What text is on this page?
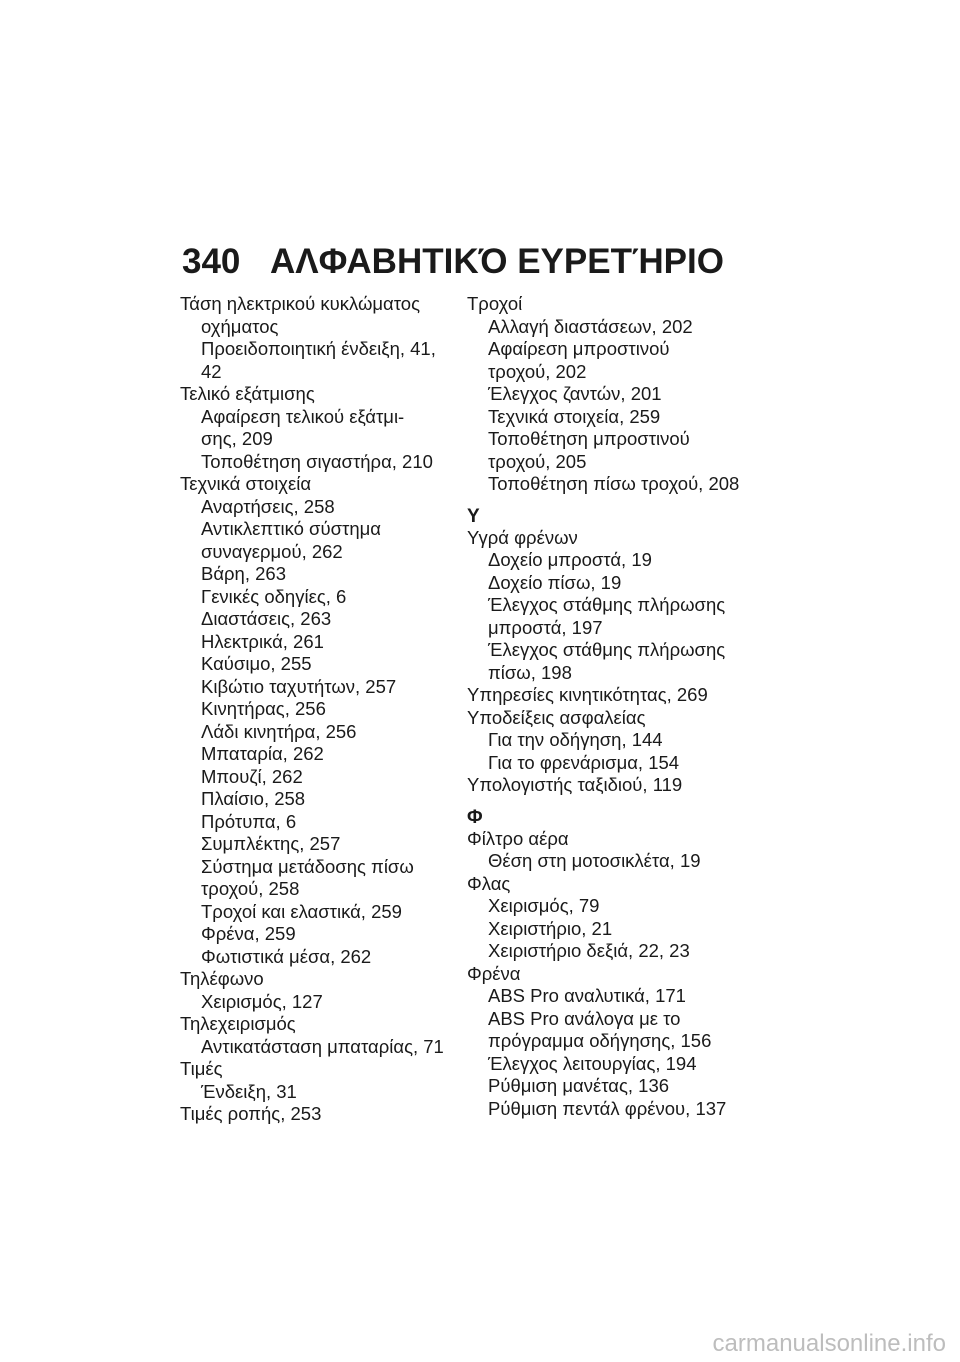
340 ΑΛΦΑΒΗΤΙΚΌ ΕΥΡΕΤΉΡΙΟ
Τάση ηλεκτρικού κυκλώματος
οχήματος
Προειδοποιητική ένδειξη, 41,
42
Τελικό εξάτμισης
Αφαίρεση τελικού εξάτμι-
σης, 209
Τοποθέτηση σιγαστήρα, 210
Τεχνικά στοιχεία
Αναρτήσεις, 258
Αντικλεπτικό σύστημα
συναγερμού, 262
Βάρη, 263
Γενικές οδηγίες, 6
Διαστάσεις, 263
Ηλεκτρικά, 261
Καύσιμο, 255
Κιβώτιο ταχυτήτων, 257
Κινητήρας, 256
Λάδι κινητήρα, 256
Μπαταρία, 262
Μπουζί, 262
Πλαίσιο, 258
Πρότυπα, 6
Συμπλέκτης, 257
Σύστημα μετάδοσης πίσω
τροχού, 258
Τροχοί και ελαστικά, 259
Φρένα, 259
Φωτιστικά μέσα, 262
Τηλέφωνο
Χειρισμός, 127
Τηλεχειρισμός
Αντικατάσταση μπαταρίας, 71
Τιμές
Ένδειξη, 31
Τιμές ροπής, 253
Τροχοί
Αλλαγή διαστάσεων, 202
Αφαίρεση μπροστινού
τροχού, 202
Έλεγχος ζαντών, 201
Τεχνικά στοιχεία, 259
Τοποθέτηση μπροστινού
τροχού, 205
Τοποθέτηση πίσω τροχού, 208
Υ
Υγρά φρένων
Δοχείο μπροστά, 19
Δοχείο πίσω, 19
Έλεγχος στάθμης πλήρωσης
μπροστά, 197
Έλεγχος στάθμης πλήρωσης
πίσω, 198
Υπηρεσίες κινητικότητας, 269
Υποδείξεις ασφαλείας
Για την οδήγηση, 144
Για το φρενάρισμα, 154
Υπολογιστής ταξιδιού, 119
Φ
Φίλτρο αέρα
Θέση στη μοτοσικλέτα, 19
Φλας
Χειρισμός, 79
Χειριστήριο, 21
Χειριστήριο δεξιά, 22, 23
Φρένα
ABS Pro αναλυτικά, 171
ABS Pro ανάλογα με το
πρόγραμμα οδήγησης, 156
Έλεγχος λειτουργίας, 194
Ρύθμιση μανέτας, 136
Ρύθμιση πεντάλ φρένου, 137
carmanualsonline.info
